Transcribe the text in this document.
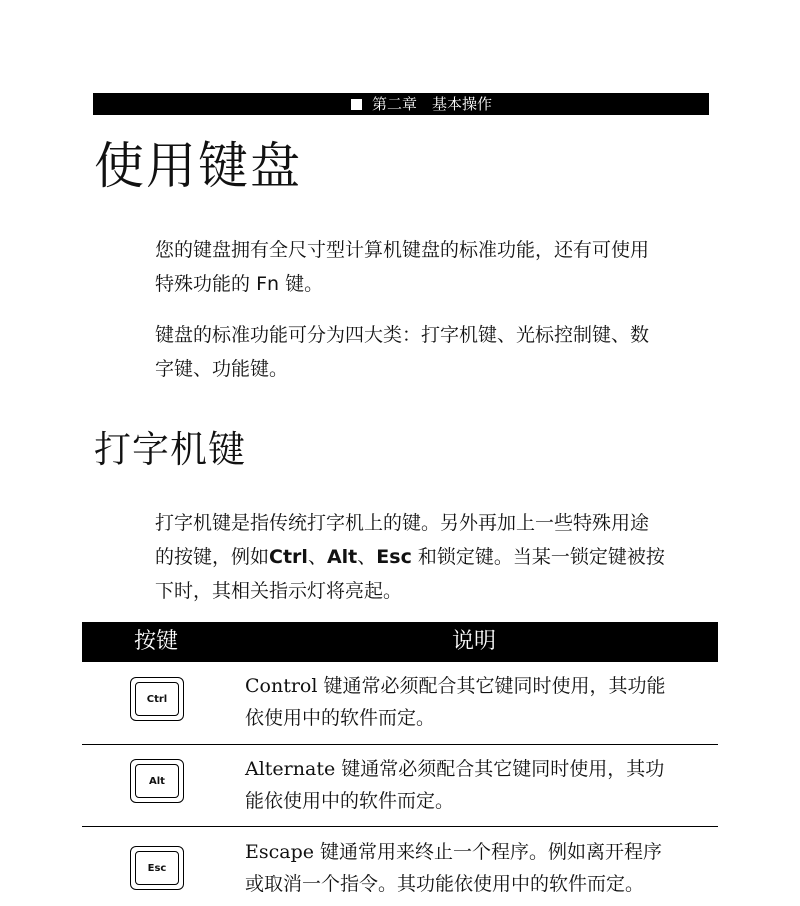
第二章　基本操作
使用键盘

您的键盘拥有全尺寸型计算机键盘的标准功能，还有可使用
特殊功能的 Fn 键。

键盘的标准功能可分为四大类：打字机键、光标控制键、数
字键、功能键。

打字机键

打字机键是指传统打字机上的键。另外再加上一些特殊用途
的按键，例如Ctrl、Alt、Esc 和锁定键。当某一锁定键被按
下时，其相关指示灯将亮起。

按键	说明
Ctrl

Control 键通常必须配合其它键同时使用，其功能
依使用中的软件而定。

Alt

Alternate 键通常必须配合其它键同时使用，其功
能依使用中的软件而定。

Esc

Escape 键通常用来终止一个程序。例如离开程序
或取消一个指令。其功能依使用中的软件而定。
